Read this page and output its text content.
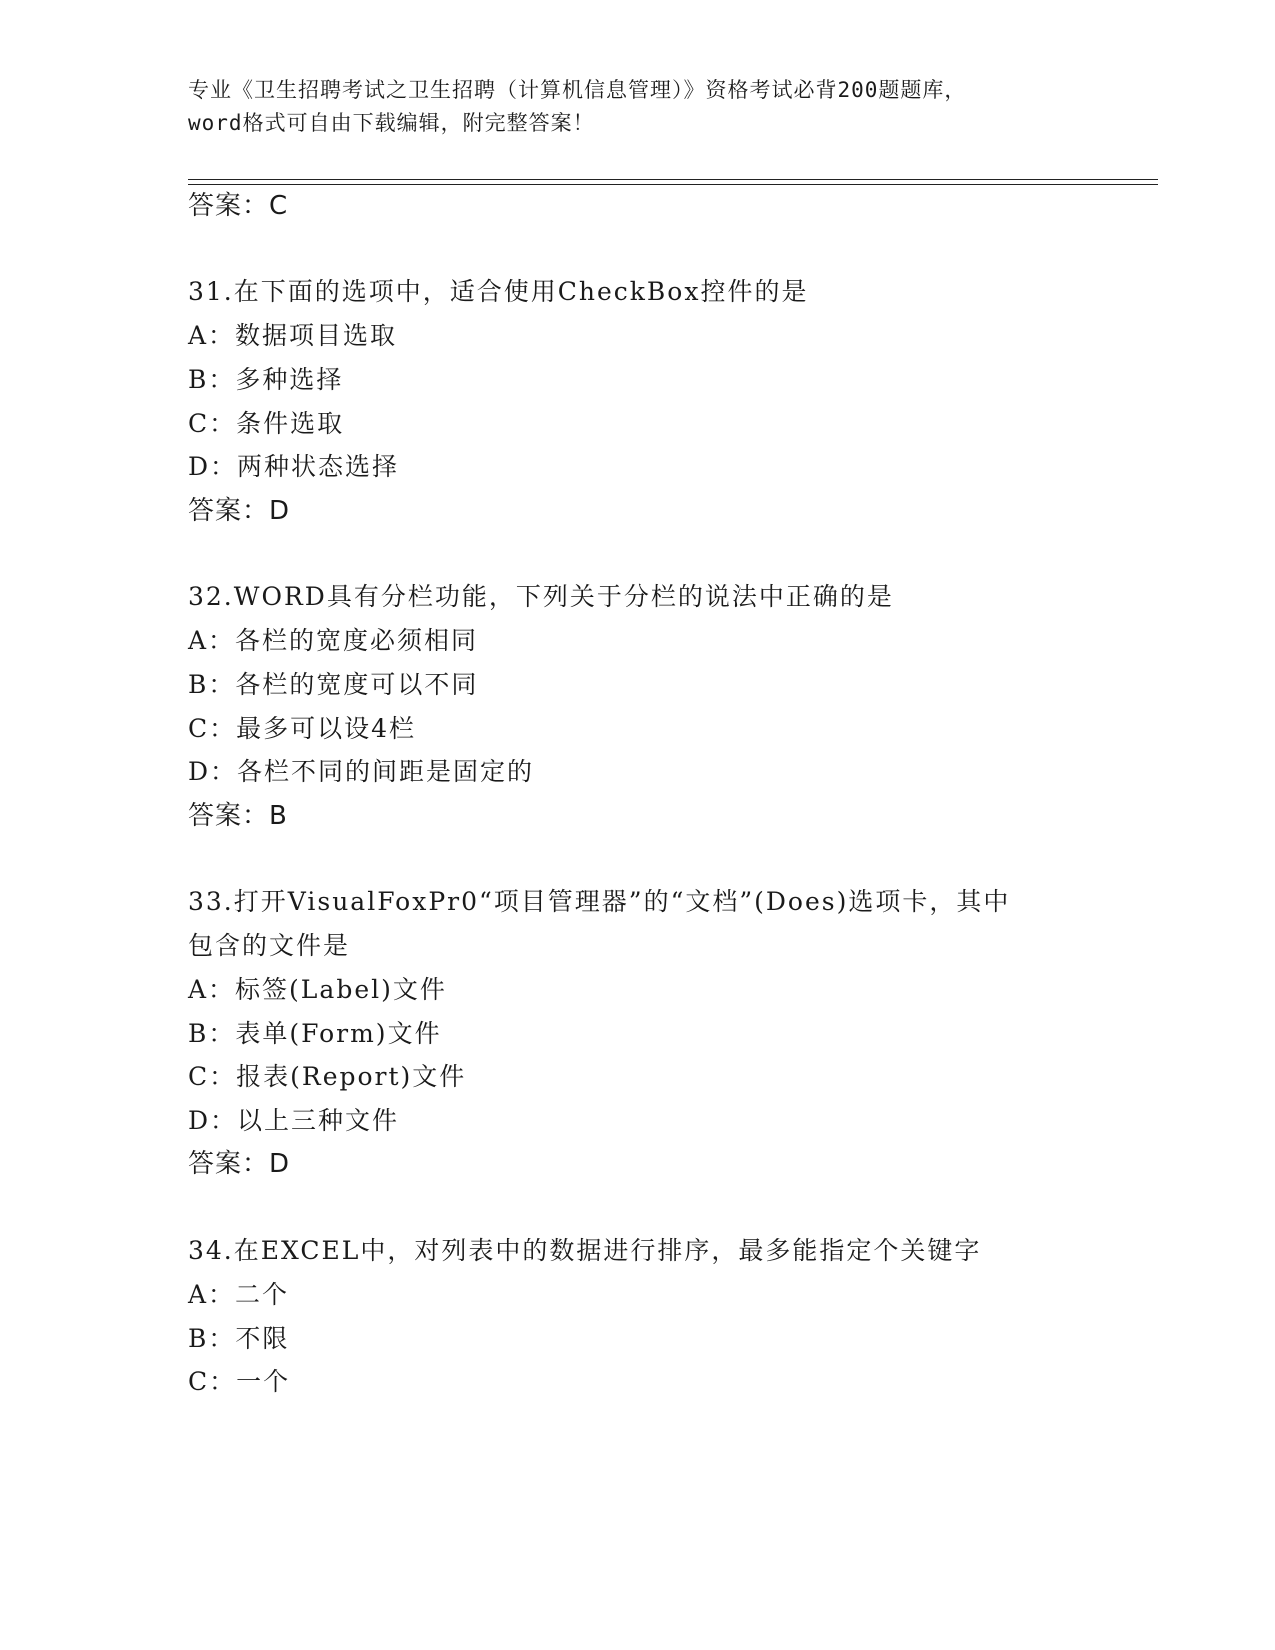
专业《卫生招聘考试之卫生招聘（计算机信息管理）》资格考试必背200题题库，
word格式可自由下载编辑，附完整答案！
答案：C
31.在下面的选项中，适合使用CheckBox控件的是
A：数据项目选取
B：多种选择
C：条件选取
D：两种状态选择
答案：D
32.WORD具有分栏功能，下列关于分栏的说法中正确的是
A：各栏的宽度必须相同
B：各栏的宽度可以不同
C：最多可以设4栏
D：各栏不同的间距是固定的
答案：B
33.打开VisualFoxPr0“项目管理器”的“文档”(Does)选项卡，其中
包含的文件是
A：标签(Label)文件
B：表单(Form)文件
C：报表(Report)文件
D：以上三种文件
答案：D
34.在EXCEL中，对列表中的数据进行排序，最多能指定个关键字
A：二个
B：不限
C：一个
